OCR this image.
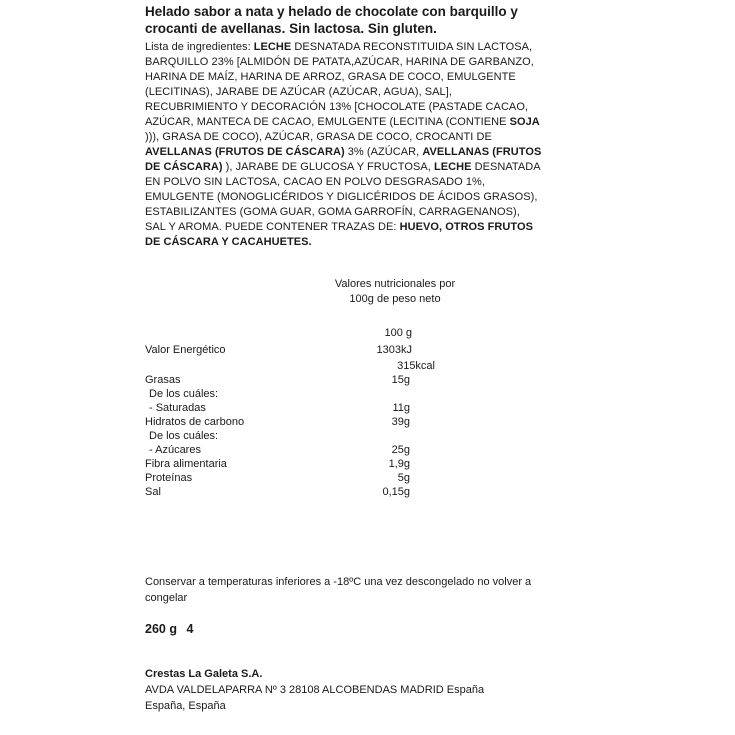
Helado sabor a nata y helado de chocolate con barquillo y
crocanti de avellanas. Sin lactosa. Sin gluten.
Lista de ingredientes: LECHE DESNATADA RECONSTITUIDA SIN LACTOSA,
BARQUILLO 23% [ALMIDÓN DE PATATA,AZÚCAR, HARINA DE GARBANZO,
HARINA DE MAÍZ, HARINA DE ARROZ, GRASA DE COCO, EMULGENTE
(LECITINAS), JARABE DE AZÚCAR (AZÚCAR, AGUA), SAL],
RECUBRIMIENTO Y DECORACIÓN 13% [CHOCOLATE (PASTADE CACAO,
AZÚCAR, MANTECA DE CACAO, EMULGENTE (LECITINA (CONTIENE SOJA
))), GRASA DE COCO), AZÚCAR, GRASA DE COCO, CROCANTI DE
AVELLANAS (FRUTOS DE CÁSCARA) 3% (AZÚCAR, AVELLANAS (FRUTOS
DE CÁSCARA) ), JARABE DE GLUCOSA Y FRUCTOSA, LECHE DESNATADA
EN POLVO SIN LACTOSA, CACAO EN POLVO DESGRASADO 1%,
EMULGENTE (MONOGLICÉRIDOS Y DIGLICÉRIDOS DE ÁCIDOS GRASOS),
ESTABILIZANTES (GOMA GUAR, GOMA GARROFÍN, CARRAGENANOS),
SAL Y AROMA. PUEDE CONTENER TRAZAS DE: HUEVO, OTROS FRUTOS
DE CÁSCARA Y CACAHUETES.
Valores nutricionales por
100g de peso neto
100 g
Valor Energético	1303kJ
315kcal
Grasas	15g
De los cuáles:
- Saturadas	11g
Hidratos de carbono	39g
De los cuáles:
- Azúcares	25g
Fibra alimentaria	1,9g
Proteínas	5g
Sal	0,15g
Conservar a temperaturas inferiores a -18ºC una vez descongelado no volver a
congelar
260 g 4
Crestas La Galeta S.A.
AVDA VALDELAPARRA Nº 3 28108 ALCOBENDAS MADRID España
España, España
